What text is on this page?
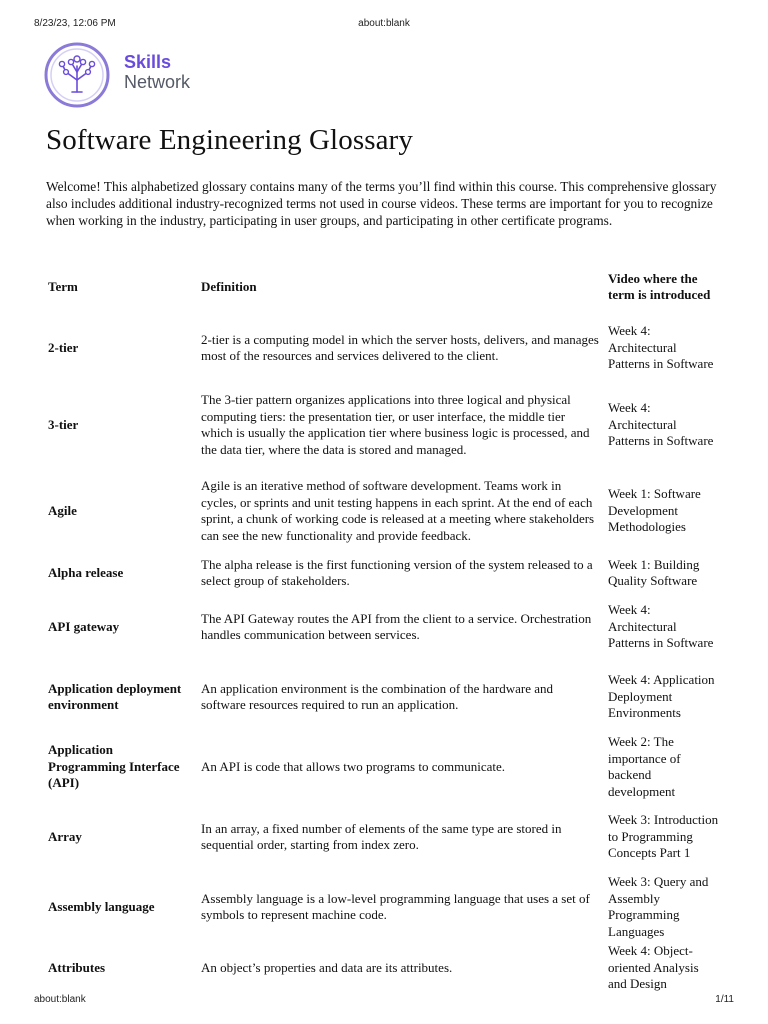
8/23/23, 12:06 PM	about:blank
Skills
Network
Software Engineering Glossary

Welcome! This alphabetized glossary contains many of the terms you’ll find within this course. This comprehensive glossary also includes additional industry-recognized terms not used in course videos. These terms are important for you to recognize when working in the industry, participating in user groups, and participating in other certificate programs.

Term	Definition	Video where the term is introduced
2-tier	2-tier is a computing model in which the server hosts, delivers, and manages most of the resources and services delivered to the client.	Week 4: Architectural Patterns in Software
3-tier	The 3-tier pattern organizes applications into three logical and physical computing tiers: the presentation tier, or user interface, the middle tier which is usually the application tier where business logic is processed, and the data tier, where the data is stored and managed.	Week 4: Architectural Patterns in Software
Agile	Agile is an iterative method of software development. Teams work in cycles, or sprints and unit testing happens in each sprint. At the end of each sprint, a chunk of working code is released at a meeting where stakeholders can see the new functionality and provide feedback.	Week 1: Software Development Methodologies
Alpha release	The alpha release is the first functioning version of the system released to a select group of stakeholders.	Week 1: Building Quality Software
API gateway	The API Gateway routes the API from the client to a service. Orchestration handles communication between services.	Week 4: Architectural Patterns in Software
Application deployment environment	An application environment is the combination of the hardware and software resources required to run an application.	Week 4: Application Deployment Environments
Application Programming Interface (API)	An API is code that allows two programs to communicate.	Week 2: The importance of backend development
Array	In an array, a fixed number of elements of the same type are stored in sequential order, starting from index zero.	Week 3: Introduction to Programming Concepts Part 1
Assembly language	Assembly language is a low-level programming language that uses a set of symbols to represent machine code.	Week 3: Query and Assembly Programming Languages
Attributes	An object’s properties and data are its attributes.	Week 4: Object-oriented Analysis and Design
about:blank	1/11
